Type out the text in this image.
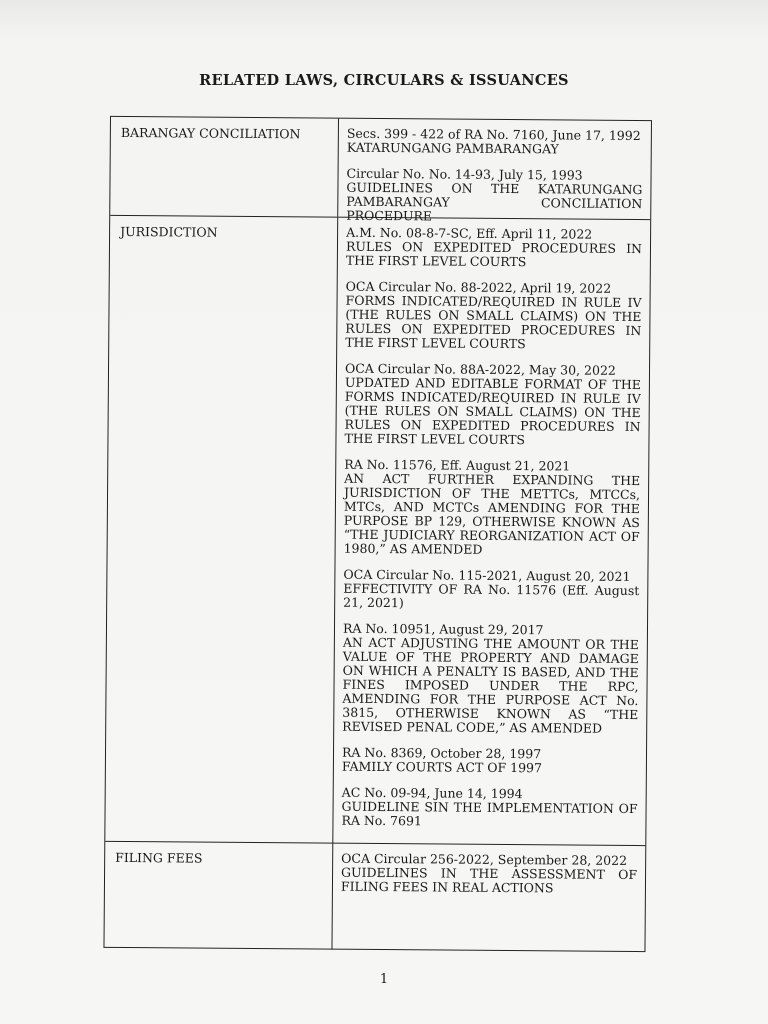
RELATED LAWS, CIRCULARS & ISSUANCES
BARANGAY CONCILIATION	Secs. 399 - 422 of RA No. 7160, June 17, 1992
KATARUNGANG PAMBARANGAY
Circular No. No. 14-93, July 15, 1993
GUIDELINES ON THE KATARUNGANG PAMBARANGAY CONCILIATION PROCEDURE
JURISDICTION	A.M. No. 08-8-7-SC, Eff. April 11, 2022
RULES ON EXPEDITED PROCEDURES IN THE FIRST LEVEL COURTS
OCA Circular No. 88-2022, April 19, 2022
FORMS INDICATED/REQUIRED IN RULE IV (THE RULES ON SMALL CLAIMS) ON THE RULES ON EXPEDITED PROCEDURES IN THE FIRST LEVEL COURTS
OCA Circular No. 88A-2022, May 30, 2022
UPDATED AND EDITABLE FORMAT OF THE FORMS INDICATED/REQUIRED IN RULE IV (THE RULES ON SMALL CLAIMS) ON THE RULES ON EXPEDITED PROCEDURES IN THE FIRST LEVEL COURTS
RA No. 11576, Eff. August 21, 2021
AN ACT FURTHER EXPANDING THE JURISDICTION OF THE METTCs, MTCCs, MTCs, AND MCTCs AMENDING FOR THE PURPOSE BP 129, OTHERWISE KNOWN AS “THE JUDICIARY REORGANIZATION ACT OF 1980,” AS AMENDED
OCA Circular No. 115-2021, August 20, 2021
EFFECTIVITY OF RA No. 11576 (Eff. August 21, 2021)
RA No. 10951, August 29, 2017
AN ACT ADJUSTING THE AMOUNT OR THE VALUE OF THE PROPERTY AND DAMAGE ON WHICH A PENALTY IS BASED, AND THE FINES IMPOSED UNDER THE RPC, AMENDING FOR THE PURPOSE ACT No. 3815, OTHERWISE KNOWN AS “THE REVISED PENAL CODE,” AS AMENDED
RA No. 8369, October 28, 1997
FAMILY COURTS ACT OF 1997
AC No. 09-94, June 14, 1994
GUIDELINE SIN THE IMPLEMENTATION OF RA No. 7691
FILING FEES	OCA Circular 256-2022, September 28, 2022
GUIDELINES IN THE ASSESSMENT OF FILING FEES IN REAL ACTIONS
1
